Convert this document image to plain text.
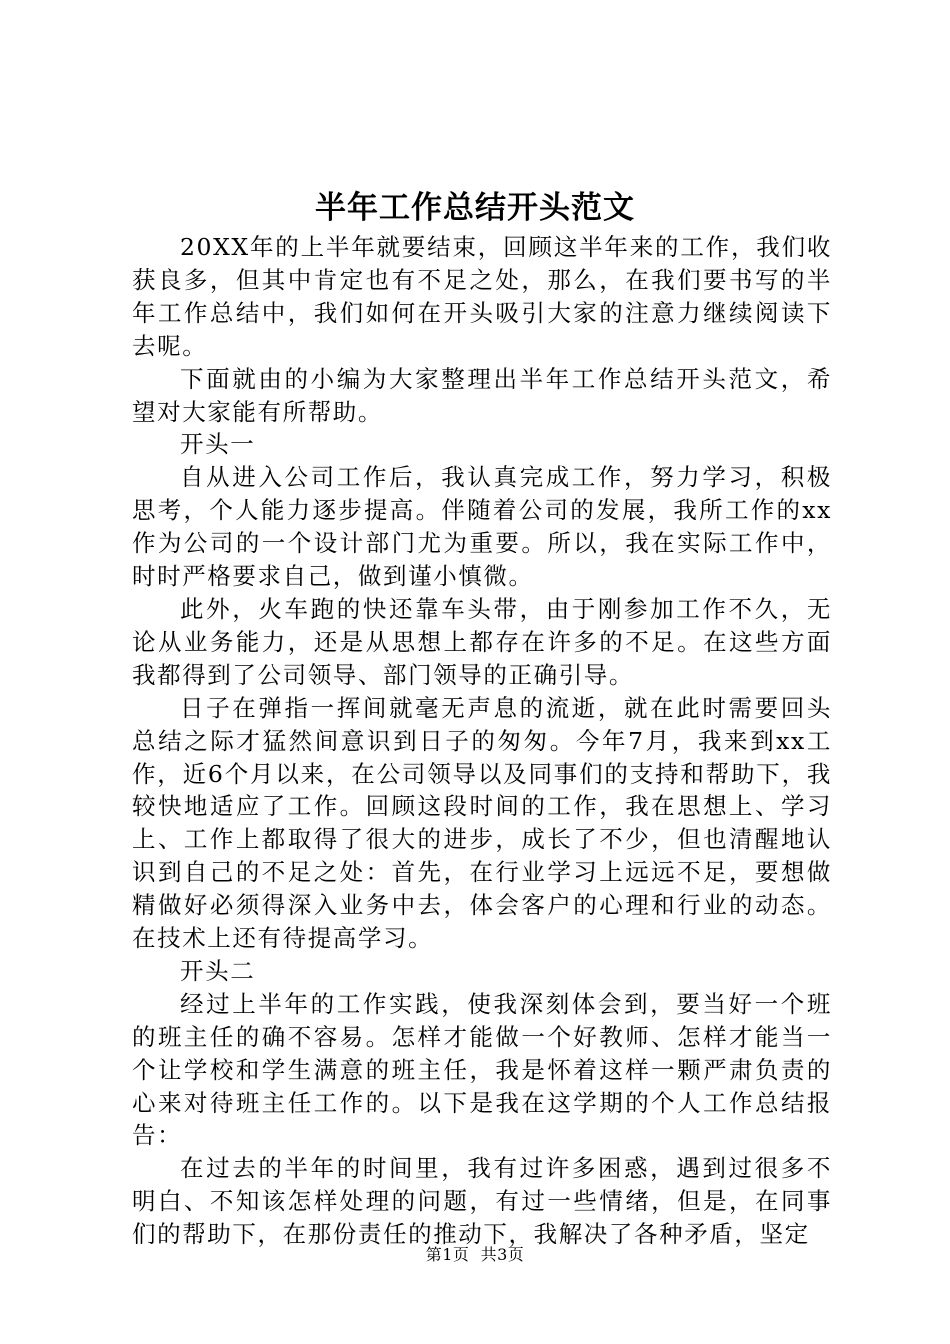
半年工作总结开头范文

20XX年的上半年就要结束，回顾这半年来的工作，我们收获良多，但其中肯定也有不足之处，那么，在我们要书写的半年工作总结中，我们如何在开头吸引大家的注意力继续阅读下去呢。

下面就由的小编为大家整理出半年工作总结开头范文，希望对大家能有所帮助。

开头一

自从进入公司工作后，我认真完成工作，努力学习，积极思考，个人能力逐步提高。伴随着公司的发展，我所工作的xx作为公司的一个设计部门尤为重要。所以，我在实际工作中，时时严格要求自己，做到谨小慎微。

此外，火车跑的快还靠车头带，由于刚参加工作不久，无论从业务能力，还是从思想上都存在许多的不足。在这些方面我都得到了公司领导、部门领导的正确引导。

日子在弹指一挥间就毫无声息的流逝，就在此时需要回头总结之际才猛然间意识到日子的匆匆。今年7月，我来到xx工作，近6个月以来，在公司领导以及同事们的支持和帮助下，我较快地适应了工作。回顾这段时间的工作，我在思想上、学习上、工作上都取得了很大的进步，成长了不少，但也清醒地认识到自己的不足之处：首先，在行业学习上远远不足，要想做精做好必须得深入业务中去，体会客户的心理和行业的动态。在技术上还有待提高学习。

开头二

经过上半年的工作实践，使我深刻体会到，要当好一个班的班主任的确不容易。怎样才能做一个好教师、怎样才能当一个让学校和学生满意的班主任，我是怀着这样一颗严肃负责的心来对待班主任工作的。以下是我在这学期的个人工作总结报告：

在过去的半年的时间里，我有过许多困惑，遇到过很多不明白、不知该怎样处理的问题，有过一些情绪，但是，在同事们的帮助下，在那份责任的推动下，我解决了各种矛盾，坚定

第1页 共3页
